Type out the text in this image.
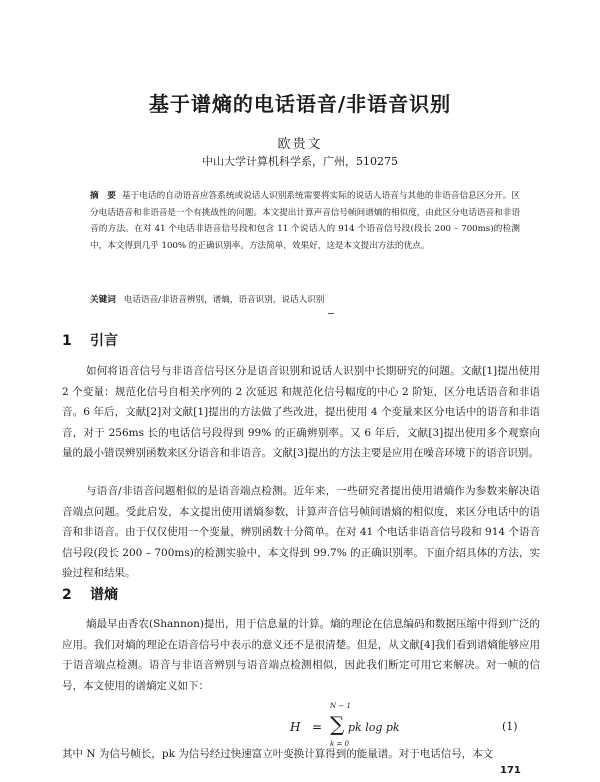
基于谱熵的电话语音/非语音识别
欧贵文
中山大学计算机科学系，广州，510275
摘　要 基于电话的自动语音应答系统或说话人识别系统需要将实际的说话人语音与其他的非语音信息区分开。区分电话语音和非语音是一个有挑战性的问题。本文提出计算声音信号帧间谱熵的相似度，由此区分电话语音和非语音的方法。在对 41 个电话非语音信号段和包含 11 个说话人的 914 个语音信号段(段长 200 – 700ms)的检测中，本文得到几乎 100% 的正确识别率。方法简单，效果好，这是本文提出方法的优点。
关键词 电话语音/非语音辨别，谱熵，语音识别，说话人识别
1 引言

如何将语音信号与非语音信号区分是语音识别和说话人识别中长期研究的问题。文献[1]提出使用 2 个变量：规范化信号自相关序列的 2 次延迟 和规范化信号幅度的中心 2 阶矩，区分电话语音和非语音。6 年后，文献[2]对文献[1]提出的方法做了些改进，提出使用 4 个变量来区分电话中的语音和非语音，对于 256ms 长的电话信号段得到 99% 的正确辨别率。又 6 年后，文献[3]提出使用多个观察向量的最小错误辨别函数来区分语音和非语音。文献[3]提出的方法主要是应用在噪音环境下的语音识别。

与语音/非语音问题相似的是语音端点检测。近年来，一些研究者提出使用谱熵作为参数来解决语音端点问题。受此启发，本文提出使用谱熵参数，计算声音信号帧间谱熵的相似度，来区分电话中的语音和非语音。由于仅仅使用一个变量，辨别函数十分简单。在对 41 个电话非语音信号段和 914 个语音信号段(段长 200 – 700ms)的检测实验中，本文得到 99.7% 的正确识别率。下面介绍具体的方法，实验过程和结果。

2 谱熵

熵最早由香农(Shannon)提出，用于信息量的计算。熵的理论在信息编码和数据压缩中得到广泛的应用。我们对熵的理论在语音信号中表示的意义还不是很清楚。但是，从文献[4]我们看到谱熵能够应用于语音端点检测。语音与非语音辨别与语音端点检测相似，因此我们断定可用它来解决。对一帧的信号，本文使用的谱熵定义如下：

H =
N − 1
∑
k = 0
pk log pk	(1)

其中 N 为信号帧长，pk 为信号经过快速富立叶变换计算得到的能量谱。对于电话信号，本文

171
